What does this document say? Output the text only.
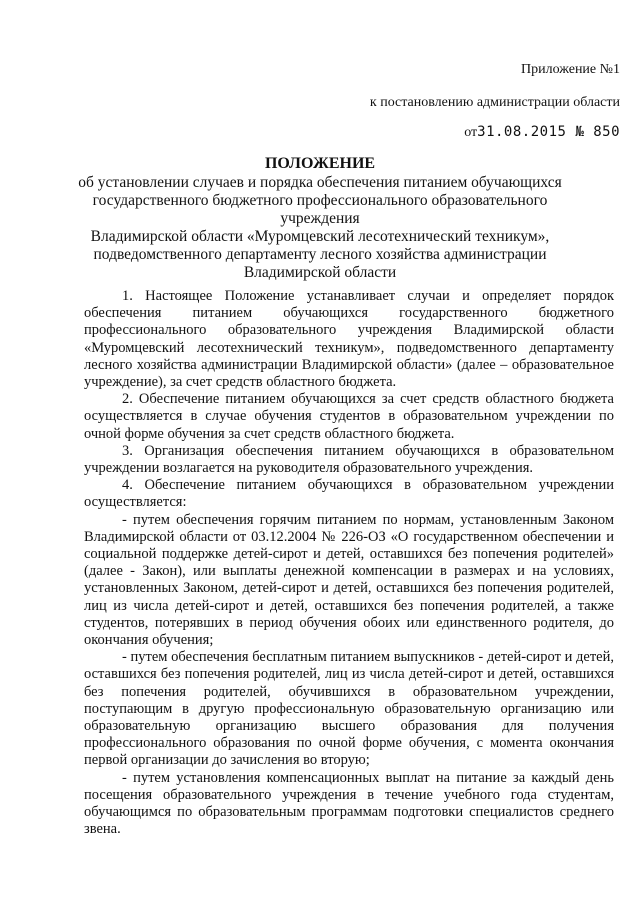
Приложение №1
к постановлению администрации области
от31.08.2015 № 850
ПОЛОЖЕНИЕ
об установлении случаев и порядка обеспечения питанием обучающихся
государственного бюджетного профессионального образовательного учреждения
Владимирской области «Муромцевский лесотехнический техникум»,
подведомственного департаменту лесного хозяйства администрации
Владимирской области

1. Настоящее Положение устанавливает случаи и определяет порядок обеспечения питанием обучающихся государственного бюджетного профессионального образовательного учреждения Владимирской области «Муромцевский лесотехнический техникум», подведомственного департаменту лесного хозяйства администрации Владимирской области» (далее – образовательное учреждение), за счет средств областного бюджета.

2. Обеспечение питанием обучающихся за счет средств областного бюджета осуществляется в случае обучения студентов в образовательном учреждении по очной форме обучения за счет средств областного бюджета.

3. Организация обеспечения питанием обучающихся в образовательном учреждении возлагается на руководителя образовательного учреждения.

4. Обеспечение питанием обучающихся в образовательном учреждении осуществляется:

- путем обеспечения горячим питанием по нормам, установленным Законом Владимирской области от 03.12.2004 № 226-ОЗ «О государственном обеспечении и социальной поддержке детей-сирот и детей, оставшихся без попечения родителей» (далее - Закон), или выплаты денежной компенсации в размерах и на условиях, установленных Законом, детей-сирот и детей, оставшихся без попечения родителей, лиц из числа детей-сирот и детей, оставшихся без попечения родителей, а также студентов, потерявших в период обучения обоих или единственного родителя, до окончания обучения;

- путем обеспечения бесплатным питанием выпускников - детей-сирот и детей, оставшихся без попечения родителей, лиц из числа детей-сирот и детей, оставшихся без попечения родителей, обучившихся в образовательном учреждении, поступающим в другую профессиональную образовательную организацию или образовательную организацию высшего образования для получения профессионального образования по очной форме обучения, с момента окончания первой организации до зачисления во вторую;

- путем установления компенсационных выплат на питание за каждый день посещения образовательного учреждения в течение учебного года студентам, обучающимся по образовательным программам подготовки специалистов среднего звена.
